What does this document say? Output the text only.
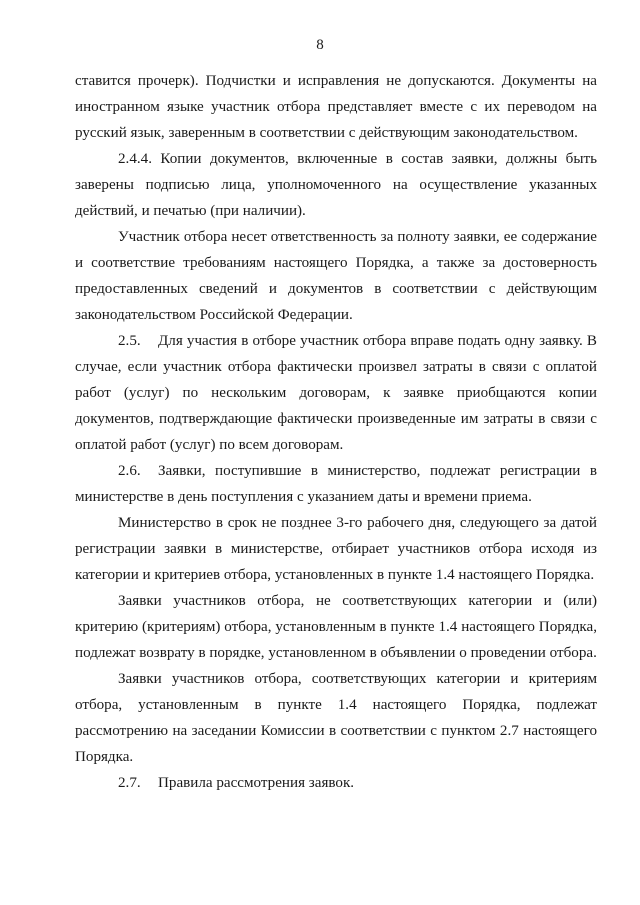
8

ставится прочерк). Подчистки и исправления не допускаются. Документы на иностранном языке участник отбора представляет вместе с их переводом на русский язык, заверенным в соответствии с действующим законодательством.

2.4.4. Копии документов, включенные в состав заявки, должны быть заверены подписью лица, уполномоченного на осуществление указанных действий, и печатью (при наличии).

Участник отбора несет ответственность за полноту заявки, ее содержание и соответствие требованиям настоящего Порядка, а также за достоверность предоставленных сведений и документов в соответствии с действующим законодательством Российской Федерации.

2.5. Для участия в отборе участник отбора вправе подать одну заявку. В случае, если участник отбора фактически произвел затраты в связи с оплатой работ (услуг) по нескольким договорам, к заявке приобщаются копии документов, подтверждающие фактически произведенные им затраты в связи с оплатой работ (услуг) по всем договорам.

2.6. Заявки, поступившие в министерство, подлежат регистрации в министерстве в день поступления с указанием даты и времени приема.

Министерство в срок не позднее 3-го рабочего дня, следующего за датой регистрации заявки в министерстве, отбирает участников отбора исходя из категории и критериев отбора, установленных в пункте 1.4 настоящего Порядка.

Заявки участников отбора, не соответствующих категории и (или) критерию (критериям) отбора, установленным в пункте 1.4 настоящего Порядка, подлежат возврату в порядке, установленном в объявлении о проведении отбора.

Заявки участников отбора, соответствующих категории и критериям отбора, установленным в пункте 1.4 настоящего Порядка, подлежат рассмотрению на заседании Комиссии в соответствии с пунктом 2.7 настоящего Порядка.

2.7. Правила рассмотрения заявок.
